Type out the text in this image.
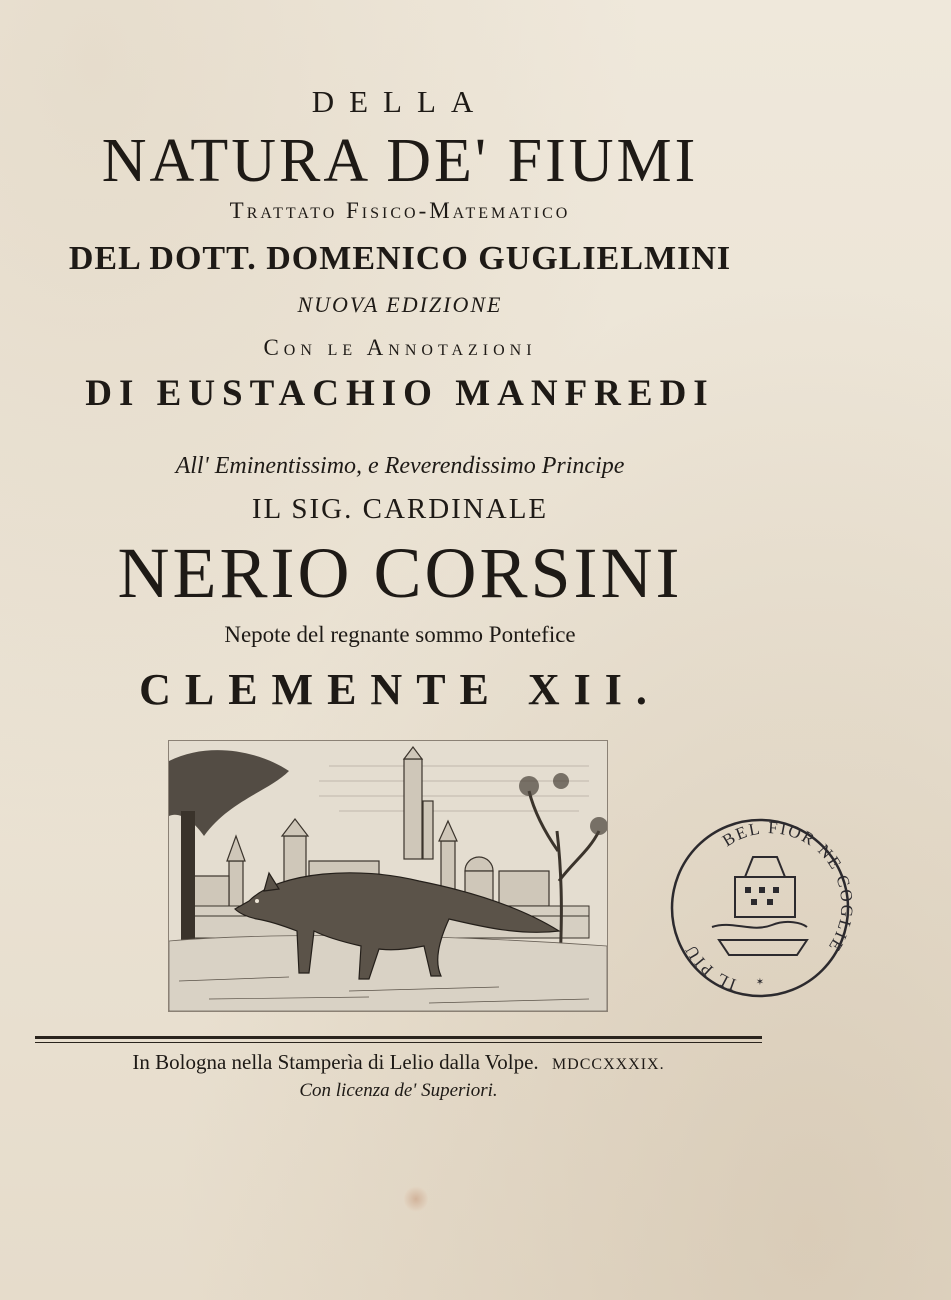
DELLA
NATURA DE' FIUMI
Trattato Fisico-Matematico
DEL DOTT. DOMENICO GUGLIELMINI
NUOVA EDIZIONE
Con le Annotazioni
DI EUSTACHIO MANFREDI
All' Eminentissimo, e Reverendissimo Principe
IL SIG. CARDINALE
NERIO CORSINI
Nepote del regnante sommo Pontefice
CLEMENTE XII.
IL PIU
BEL FIOR NE C LIE
✶
In Bologna nella Stamperìa di Lelio dalla Volpe. MDCCXXXIX.
Con licenza de' Superiori.
